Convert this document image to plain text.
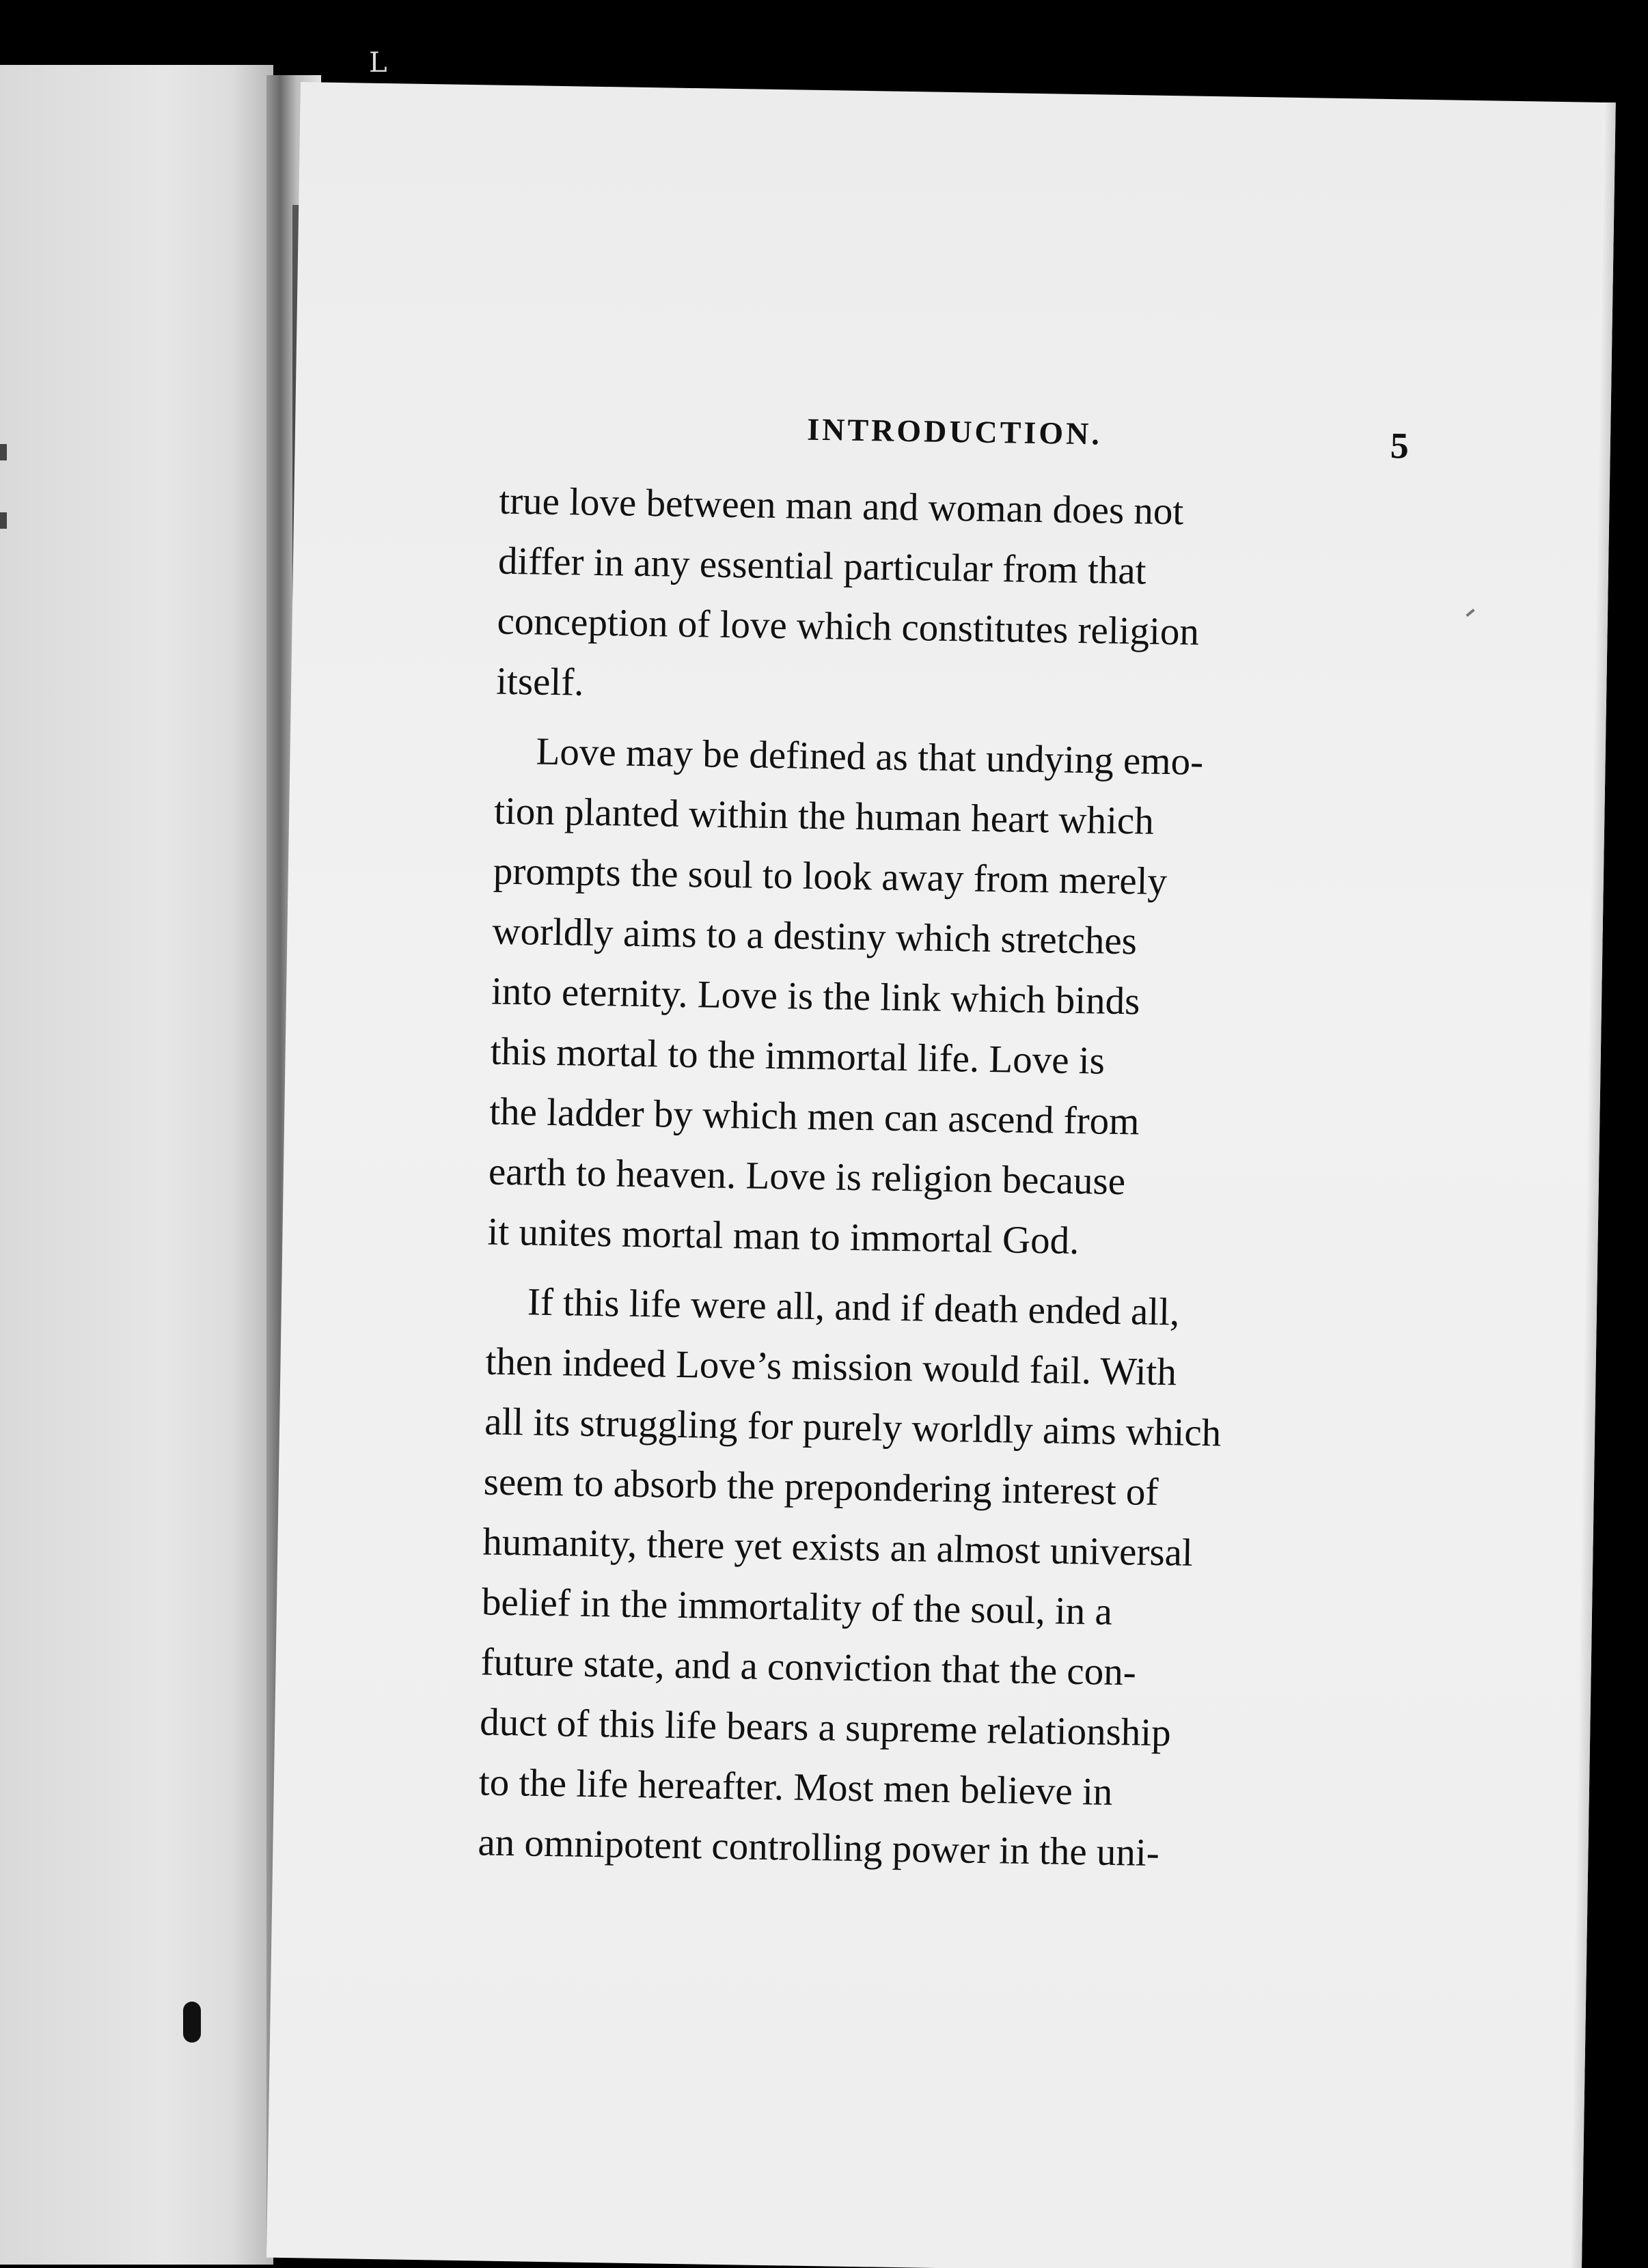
L
INTRODUCTION.	5

true love between man and woman does not
differ in any essential particular from that
conception of love which constitutes religion
itself.

Love may be defined as that undying emo-
tion planted within the human heart which
prompts the soul to look away from merely
worldly aims to a destiny which stretches
into eternity. Love is the link which binds
this mortal to the immortal life. Love is
the ladder by which men can ascend from
earth to heaven. Love is religion because
it unites mortal man to immortal God.

If this life were all, and if death ended all,
then indeed Love’s mission would fail. With
all its struggling for purely worldly aims which
seem to absorb the prepondering interest of
humanity, there yet exists an almost universal
belief in the immortality of the soul, in a
future state, and a conviction that the con-
duct of this life bears a supreme relationship
to the life hereafter. Most men believe in
an omnipotent controlling power in the uni-
